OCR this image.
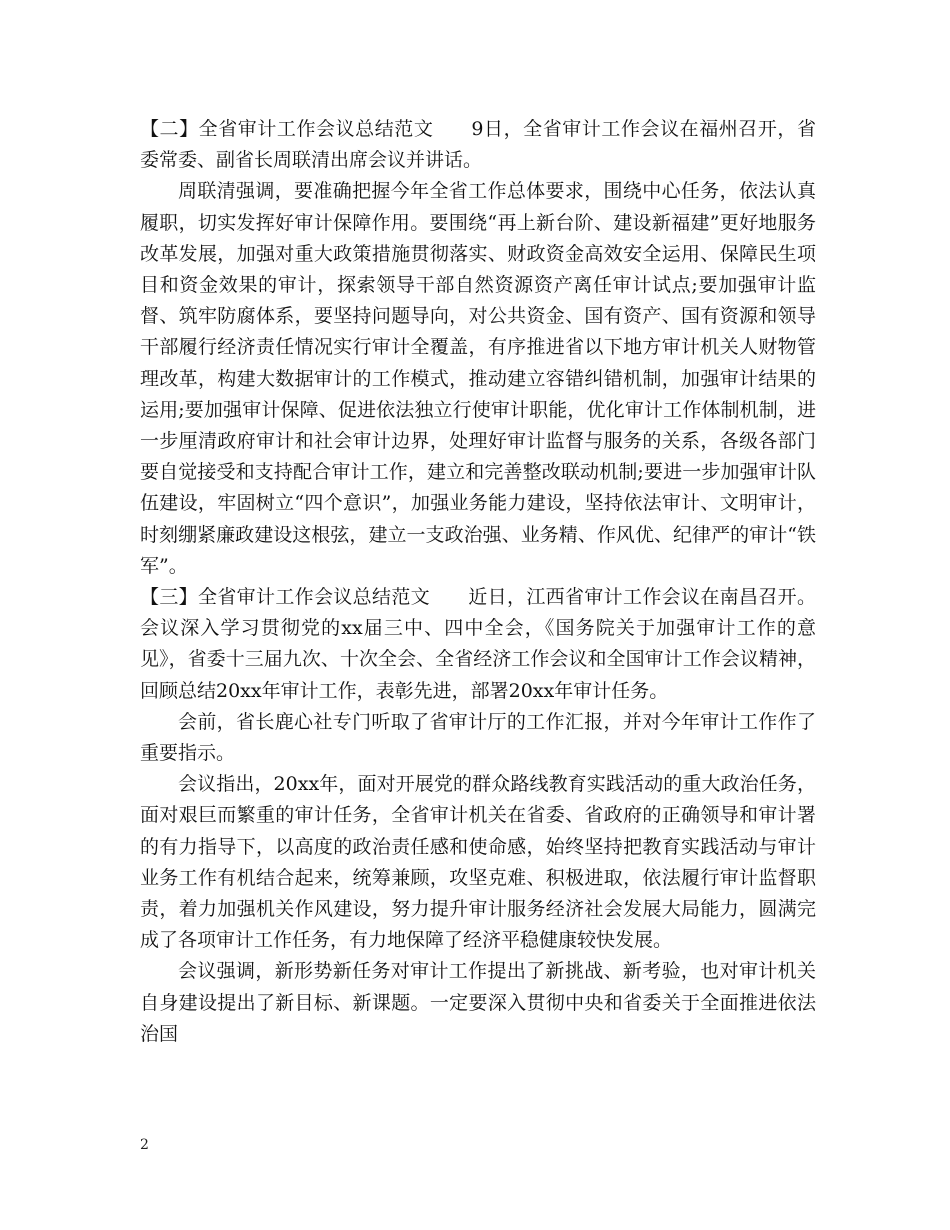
【二】全省审计工作会议总结范文 9日，全省审计工作会议在福州召开，省委常委、副省长周联清出席会议并讲话。

周联清强调，要准确把握今年全省工作总体要求，围绕中心任务，依法认真履职，切实发挥好审计保障作用。要围绕“再上新台阶、建设新福建”更好地服务改革发展，加强对重大政策措施贯彻落实、财政资金高效安全运用、保障民生项目和资金效果的审计，探索领导干部自然资源资产离任审计试点;要加强审计监督、筑牢防腐体系，要坚持问题导向，对公共资金、国有资产、国有资源和领导干部履行经济责任情况实行审计全覆盖，有序推进省以下地方审计机关人财物管理改革，构建大数据审计的工作模式，推动建立容错纠错机制，加强审计结果的运用;要加强审计保障、促进依法独立行使审计职能，优化审计工作体制机制，进一步厘清政府审计和社会审计边界，处理好审计监督与服务的关系，各级各部门要自觉接受和支持配合审计工作，建立和完善整改联动机制;要进一步加强审计队伍建设，牢固树立“四个意识”，加强业务能力建设，坚持依法审计、文明审计，时刻绷紧廉政建设这根弦，建立一支政治强、业务精、作风优、纪律严的审计“铁军”。

【三】全省审计工作会议总结范文 近日，江西省审计工作会议在南昌召开。会议深入学习贯彻党的xx届三中、四中全会，《国务院关于加强审计工作的意见》，省委十三届九次、十次全会、全省经济工作会议和全国审计工作会议精神，回顾总结20xx年审计工作，表彰先进，部署20xx年审计任务。

会前，省长鹿心社专门听取了省审计厅的工作汇报，并对今年审计工作作了重要指示。

会议指出，20xx年，面对开展党的群众路线教育实践活动的重大政治任务，面对艰巨而繁重的审计任务，全省审计机关在省委、省政府的正确领导和审计署的有力指导下，以高度的政治责任感和使命感，始终坚持把教育实践活动与审计业务工作有机结合起来，统筹兼顾，攻坚克难、积极进取，依法履行审计监督职责，着力加强机关作风建设，努力提升审计服务经济社会发展大局能力，圆满完成了各项审计工作任务，有力地保障了经济平稳健康较快发展。

会议强调，新形势新任务对审计工作提出了新挑战、新考验，也对审计机关自身建设提出了新目标、新课题。一定要深入贯彻中央和省委关于全面推进依法治国

2
